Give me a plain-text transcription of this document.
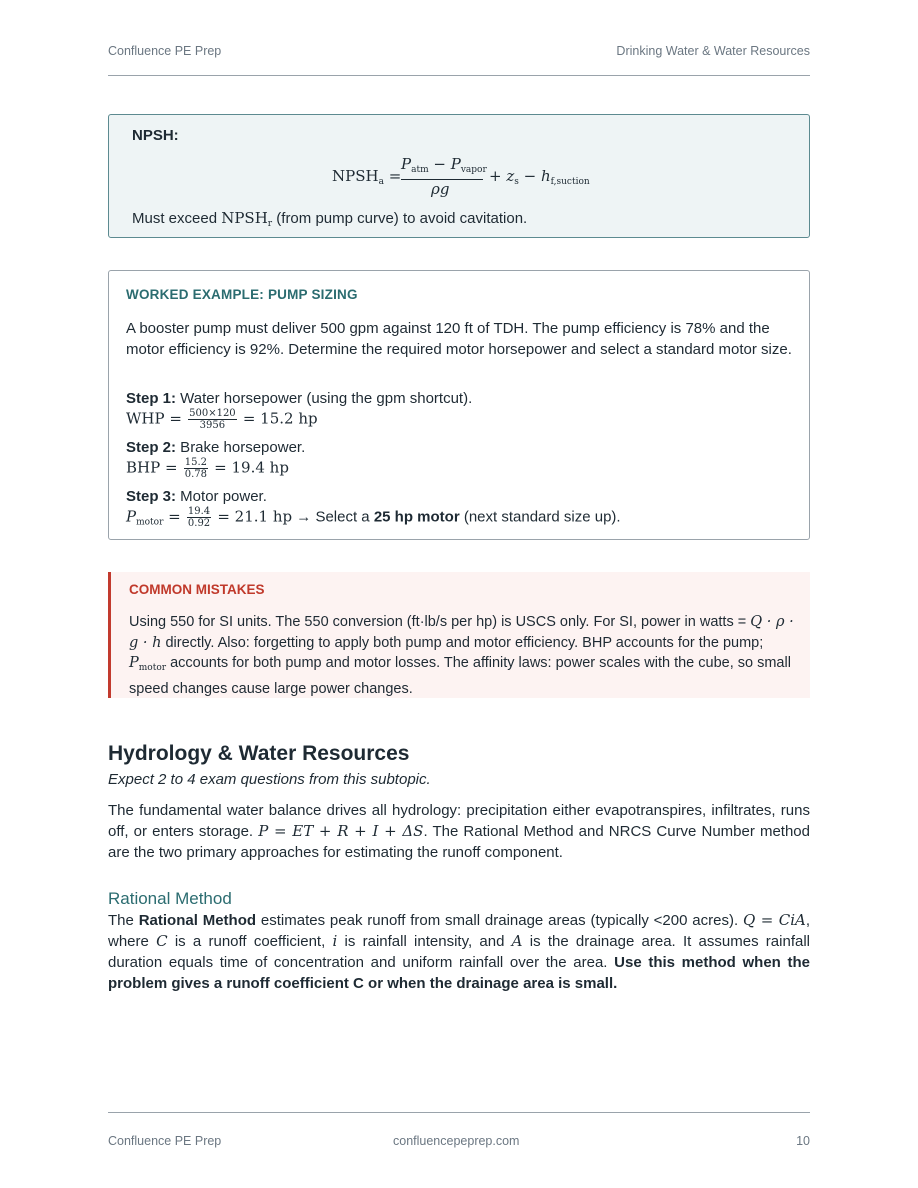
Confluence PE Prep	Drinking Water & Water Resources
NPSH:
$NPSH_a$ =
$P_{atm} - P_{vapor}$
ρg
+ $z_s - h_{f,suction}$
Must exceed $NPSH_r$ (from pump curve) to avoid cavitation.
WORKED EXAMPLE: PUMP SIZING
A booster pump must deliver 500 gpm against 120 ft of TDH. The pump efficiency is 78% and the motor efficiency is 92%. Determine the required motor horsepower and select a standard motor size.
Step 1: Water horsepower (using the gpm shortcut).
WHP = $\frac{500\times 120}{3956} = 15.2$ hp
Step 2: Brake horsepower.
BHP = $\frac{15.2}{0.78} = 19.4$ hp
Step 3: Motor power.
$P_{motor} = \frac{19.4}{0.92} = 21.1$ hp → Select a 25 hp motor (next standard size up).
COMMON MISTAKES
Using 550 for SI units. The 550 conversion (ft·lb/s per hp) is USCS only. For SI, power in watts = Q · ρ · g · h directly. Also: forgetting to apply both pump and motor efficiency. BHP accounts for the pump; $P_{motor}$ accounts for both pump and motor losses. The affinity laws: power scales with the cube, so small speed changes cause large power changes.
Hydrology & Water Resources
Expect 2 to 4 exam questions from this subtopic.
The fundamental water balance drives all hydrology: precipitation either evapotranspires, infiltrates, runs off, or enters storage. P = ET + R + I + ΔS. The Rational Method and NRCS Curve Number method are the two primary approaches for estimating the runoff component.
Rational Method
The Rational Method estimates peak runoff from small drainage areas (typically <200 acres). Q = CiA, where C is a runoff coefficient, i is rainfall intensity, and A is the drainage area. It assumes rainfall duration equals time of concentration and uniform rainfall over the area. Use this method when the problem gives a runoff coefficient C or when the drainage area is small.
Confluence PE Prep	confluencepeprep.com	10
